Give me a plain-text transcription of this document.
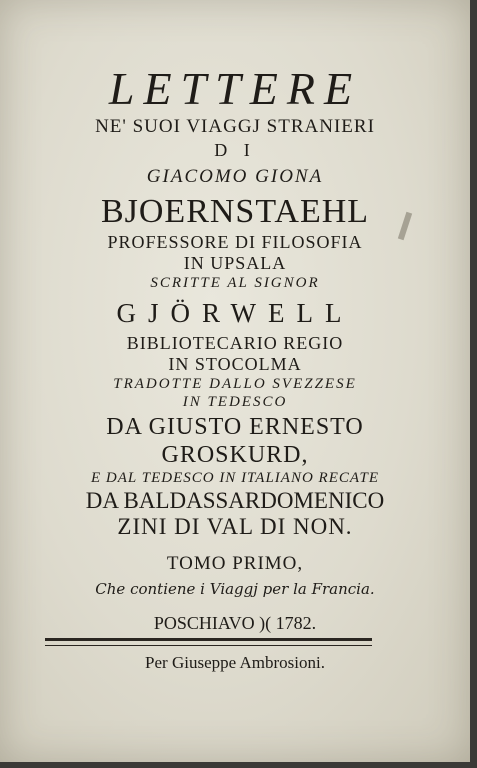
LETTERE
NE' SUOI VIAGGJ STRANIERI
D I
GIACOMO GIONA
BJOERNSTAEHL
PROFESSORE DI FILOSOFIA
IN UPSALA
SCRITTE AL SIGNOR
GJÖRWELL
BIBLIOTECARIO REGIO
IN STOCOLMA
TRADOTTE DALLO SVEZZESE
IN TEDESCO
DA GIUSTO ERNESTO
GROSKURD,
E DAL TEDESCO IN ITALIANO RECATE
DA BALDASSARDOMENICO
ZINI DI VAL DI NON.
TOMO PRIMO,
Che contiene i Viaggj per la Francia.
POSCHIAVO )( 1782.
Per Giuseppe Ambrosioni.
